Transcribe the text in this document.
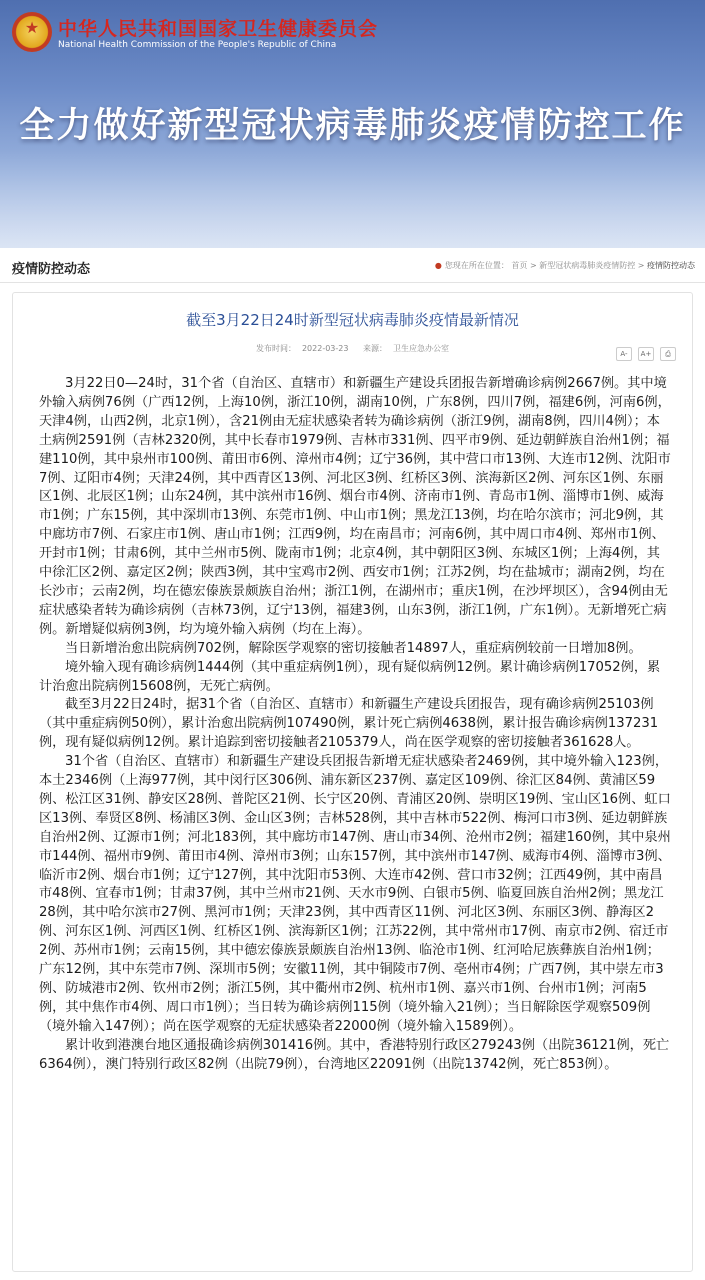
★ 中华人民共和国国家卫生健康委员会
National Health Commission of the People's Republic of China
全力做好新型冠状病毒肺炎疫情防控工作
疫情防控动态	● 您现在所在位置： 首页 > 新型冠状病毒肺炎疫情防控 > 疫情防控动态
截至3月22日24时新型冠状病毒肺炎疫情最新情况
发布时间： 2022-03-23 来源： 卫生应急办公室
A- A+ ⎙

3月22日0—24时，31个省（自治区、直辖市）和新疆生产建设兵团报告新增确诊病例2667例。其中境外输入病例76例（广西12例，上海10例，浙江10例，湖南10例，广东8例，四川7例，福建6例，河南6例，天津4例，山西2例，北京1例），含21例由无症状感染者转为确诊病例（浙江9例，湖南8例，四川4例）；本土病例2591例（吉林2320例，其中长春市1979例、吉林市331例、四平市9例、延边朝鲜族自治州1例；福建110例，其中泉州市100例、莆田市6例、漳州市4例；辽宁36例，其中营口市13例、大连市12例、沈阳市7例、辽阳市4例；天津24例，其中西青区13例、河北区3例、红桥区3例、滨海新区2例、河东区1例、东丽区1例、北辰区1例；山东24例，其中滨州市16例、烟台市4例、济南市1例、青岛市1例、淄博市1例、威海市1例；广东15例，其中深圳市13例、东莞市1例、中山市1例；黑龙江13例，均在哈尔滨市；河北9例，其中廊坊市7例、石家庄市1例、唐山市1例；江西9例，均在南昌市；河南6例，其中周口市4例、郑州市1例、开封市1例；甘肃6例，其中兰州市5例、陇南市1例；北京4例，其中朝阳区3例、东城区1例；上海4例，其中徐汇区2例、嘉定区2例；陕西3例，其中宝鸡市2例、西安市1例；江苏2例，均在盐城市；湖南2例，均在长沙市；云南2例，均在德宏傣族景颇族自治州；浙江1例，在湖州市；重庆1例，在沙坪坝区），含94例由无症状感染者转为确诊病例（吉林73例，辽宁13例，福建3例，山东3例，浙江1例，广东1例）。无新增死亡病例。新增疑似病例3例，均为境外输入病例（均在上海）。

当日新增治愈出院病例702例，解除医学观察的密切接触者14897人，重症病例较前一日增加8例。

境外输入现有确诊病例1444例（其中重症病例1例），现有疑似病例12例。累计确诊病例17052例，累计治愈出院病例15608例，无死亡病例。

截至3月22日24时，据31个省（自治区、直辖市）和新疆生产建设兵团报告，现有确诊病例25103例（其中重症病例50例），累计治愈出院病例107490例，累计死亡病例4638例，累计报告确诊病例137231例，现有疑似病例12例。累计追踪到密切接触者2105379人，尚在医学观察的密切接触者361628人。

31个省（自治区、直辖市）和新疆生产建设兵团报告新增无症状感染者2469例，其中境外输入123例，本土2346例（上海977例，其中闵行区306例、浦东新区237例、嘉定区109例、徐汇区84例、黄浦区59例、松江区31例、静安区28例、普陀区21例、长宁区20例、青浦区20例、崇明区19例、宝山区16例、虹口区13例、奉贤区8例、杨浦区3例、金山区3例；吉林528例，其中吉林市522例、梅河口市3例、延边朝鲜族自治州2例、辽源市1例；河北183例，其中廊坊市147例、唐山市34例、沧州市2例；福建160例，其中泉州市144例、福州市9例、莆田市4例、漳州市3例；山东157例，其中滨州市147例、威海市4例、淄博市3例、临沂市2例、烟台市1例；辽宁127例，其中沈阳市53例、大连市42例、营口市32例；江西49例，其中南昌市48例、宜春市1例；甘肃37例，其中兰州市21例、天水市9例、白银市5例、临夏回族自治州2例；黑龙江28例，其中哈尔滨市27例、黑河市1例；天津23例，其中西青区11例、河北区3例、东丽区3例、静海区2例、河东区1例、河西区1例、红桥区1例、滨海新区1例；江苏22例，其中常州市17例、南京市2例、宿迁市2例、苏州市1例；云南15例，其中德宏傣族景颇族自治州13例、临沧市1例、红河哈尼族彝族自治州1例；广东12例，其中东莞市7例、深圳市5例；安徽11例，其中铜陵市7例、亳州市4例；广西7例，其中崇左市3例、防城港市2例、钦州市2例；浙江5例，其中衢州市2例、杭州市1例、嘉兴市1例、台州市1例；河南5例，其中焦作市4例、周口市1例）；当日转为确诊病例115例（境外输入21例）；当日解除医学观察509例（境外输入147例）；尚在医学观察的无症状感染者22000例（境外输入1589例）。

累计收到港澳台地区通报确诊病例301416例。其中，香港特别行政区279243例（出院36121例，死亡6364例），澳门特别行政区82例（出院79例），台湾地区22091例（出院13742例，死亡853例）。
